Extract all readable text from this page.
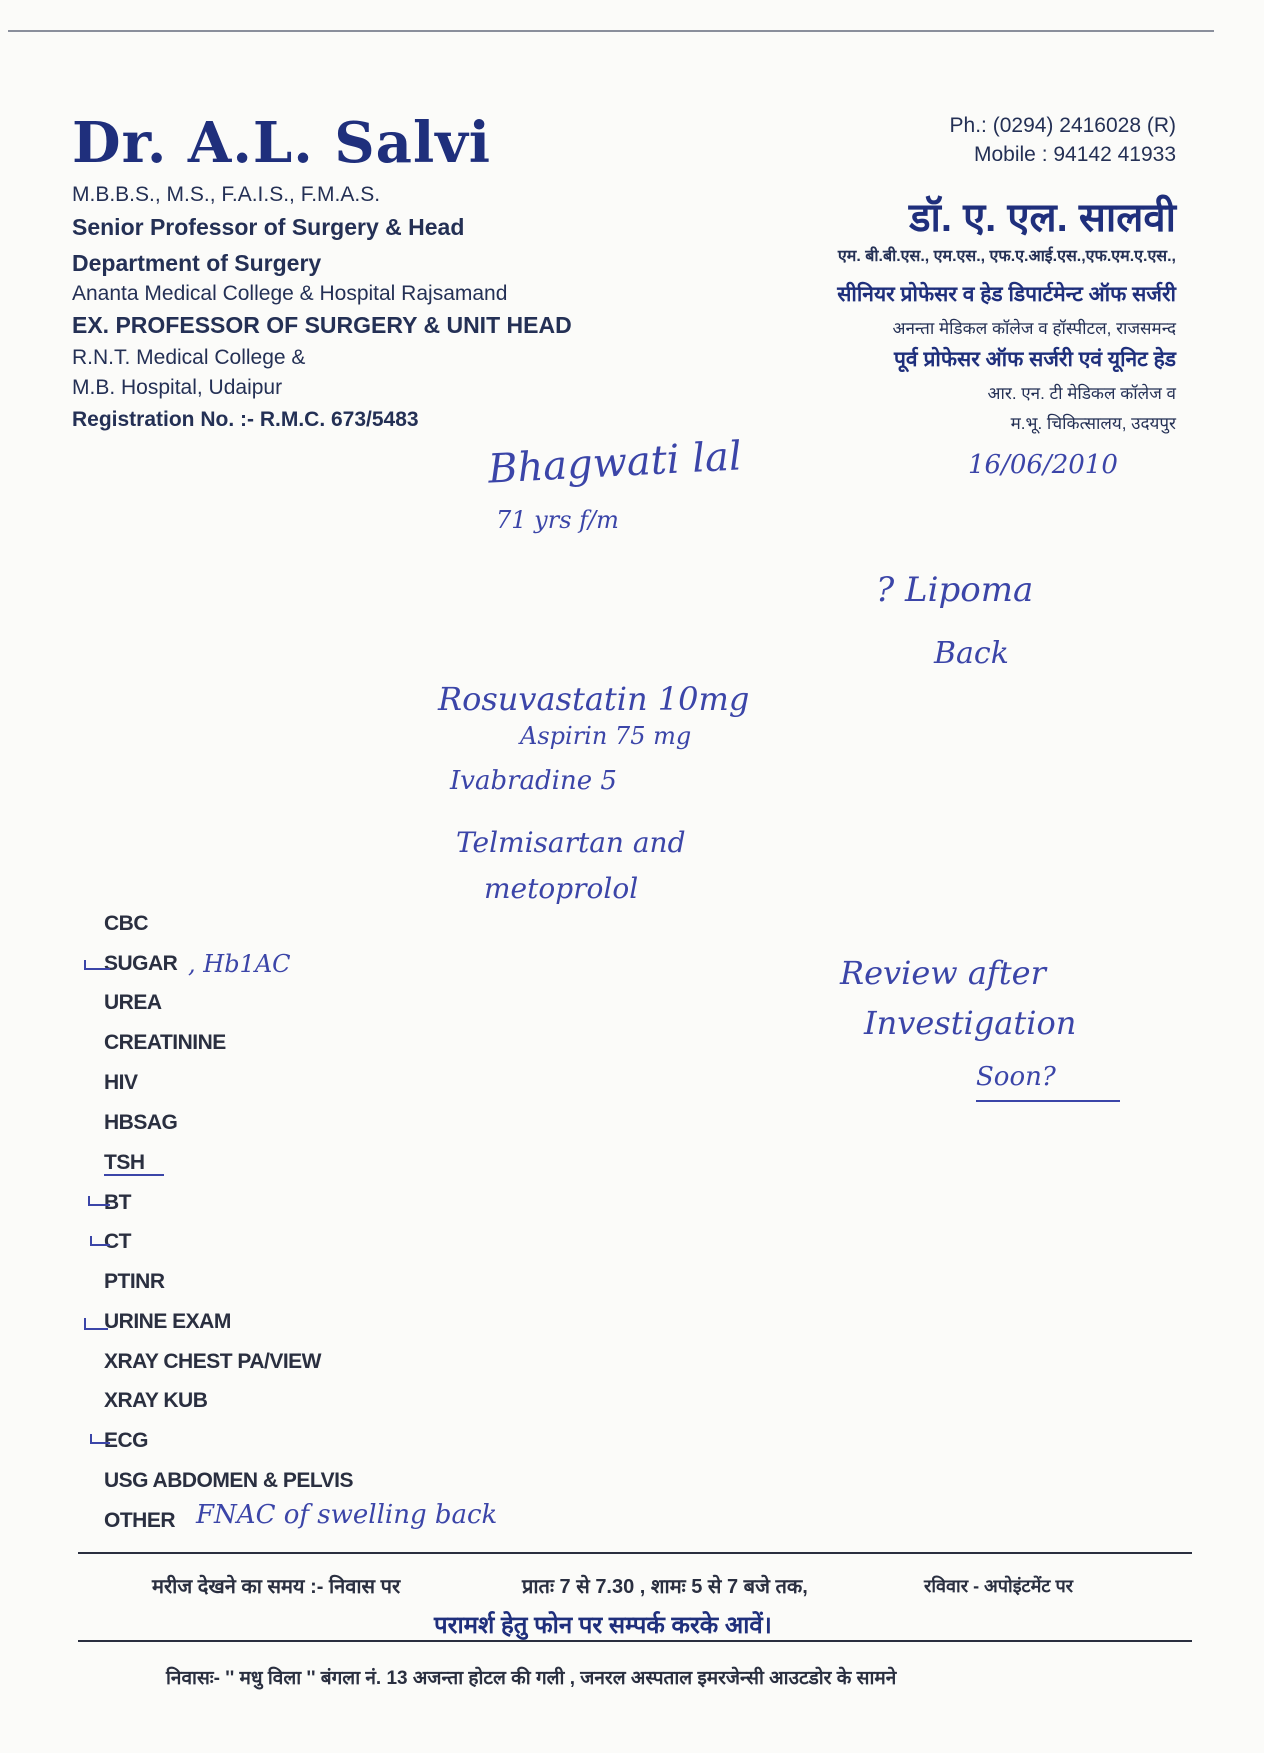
Dr. A.L. Salvi
M.B.B.S., M.S., F.A.I.S., F.M.A.S.
Senior Professor of Surgery & Head
Department of Surgery
Ananta Medical College & Hospital Rajsamand
EX. PROFESSOR OF SURGERY & UNIT HEAD
R.N.T. Medical College &
M.B. Hospital, Udaipur
Registration No. :- R.M.C. 673/5483
Ph.: (0294) 2416028 (R)
Mobile : 94142 41933
डॉ. ए. एल. सालवी
एम. बी.बी.एस., एम.एस., एफ.ए.आई.एस.,एफ.एम.ए.एस.,
सीनियर प्रोफेसर व हेड डिपार्टमेन्ट ऑफ सर्जरी
अनन्ता मेडिकल कॉलेज व हॉस्पीटल, राजसमन्द
पूर्व प्रोफेसर ऑफ सर्जरी एवं यूनिट हेड
आर. एन. टी मेडिकल कॉलेज व
म.भू. चिकित्सालय, उदयपुर
16/06/2010
Bhagwati lal
71 yrs f/m
? Lipoma
Back
Rosuvastatin 10mg
Aspirin 75 mg
Ivabradine 5
Telmisartan and
metoprolol
Review after
Investigation
Soon?
CBC
SUGAR
UREA
CREATININE
HIV
HBSAG
TSH
BT
CT
PTINR
URINE EXAM
XRAY CHEST PA/VIEW
XRAY KUB
ECG
USG ABDOMEN & PELVIS
OTHER
, Hb1AC
FNAC of swelling back
मरीज देखने का समय :- निवास पर	प्रातः 7 से 7.30 , शामः 5 से 7 बजे तक,	रविवार - अपोइंटमेंट पर
परामर्श हेतु फोन पर सम्पर्क करके आवें।
निवासः- '' मधु विला '' बंगला नं. 13 अजन्ता होटल की गली , जनरल अस्पताल इमरजेन्सी आउटडोर के सामने
